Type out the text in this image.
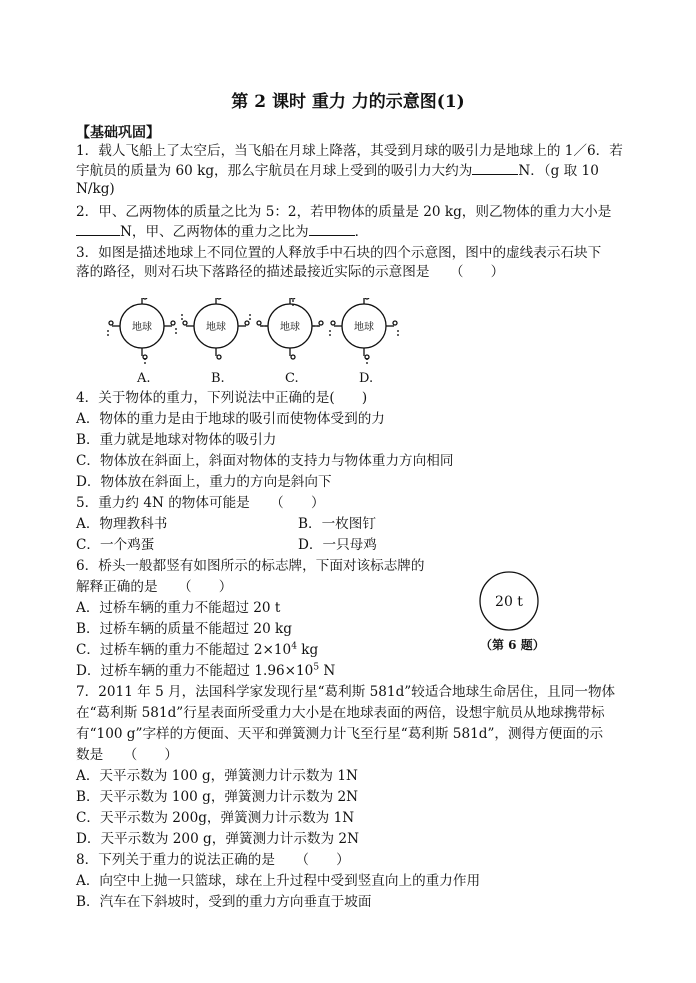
第 2 课时 重力 力的示意图(1)
【基础巩固】
1．载人飞船上了太空后，当飞船在月球上降落，其受到月球的吸引力是地球上的 1／6．若
宇航员的质量为 60 kg，那么宇航员在月球上受到的吸引力大约为	N．（g 取 10
N/kg)
2．甲、乙两物体的质量之比为 5：2，若甲物体的质量是 20 kg，则乙物体的重力大小是
N，甲、乙两物体的重力之比为	．
3．如图是描述地球上不同位置的人释放手中石块的四个示意图，图中的虚线表示石块下
落的路径，则对石块下落路径的描述最接近实际的示意图是　　（　　）
地球	地球	地球	地球
A.	B.	C.	D.
4．关于物体的重力，下列说法中正确的是(　　)
A．物体的重力是由于地球的吸引而使物体受到的力
B．重力就是地球对物体的吸引力
C．物体放在斜面上，斜面对物体的支持力与物体重力方向相同
D．物体放在斜面上，重力的方向是斜向下
5．重力约 4N 的物体可能是　　（　　）
A．物理教科书	B．一枚图钉
C．一个鸡蛋	D．一只母鸡
6．桥头一般都竖有如图所示的标志牌，下面对该标志牌的
解释正确的是　　（　　）
A．过桥车辆的重力不能超过 20 t
B．过桥车辆的质量不能超过 20 kg
C．过桥车辆的重力不能超过 $2\times 10^4$ kg
D．过桥车辆的重力不能超过 $1.96\times 10^5$ N
20 t
（第 6 题）
7．2011 年 5 月，法国科学家发现行星“葛利斯 581d”较适合地球生命居住，且同一物体
在“葛利斯 581d”行星表面所受重力大小是在地球表面的两倍，设想宇航员从地球携带标
有“100 g”字样的方便面、天平和弹簧测力计飞至行星“葛利斯 581d”，测得方便面的示
数是　　（　　）
A．天平示数为 100 g，弹簧测力计示数为 1N
B．天平示数为 100 g，弹簧测力计示数为 2N
C．天平示数为 200g，弹簧测力计示数为 1N
D．天平示数为 200 g，弹簧测力计示数为 2N
8．下列关于重力的说法正确的是　　（　　）
A．向空中上抛一只篮球，球在上升过程中受到竖直向上的重力作用
B．汽车在下斜坡时，受到的重力方向垂直于坡面
